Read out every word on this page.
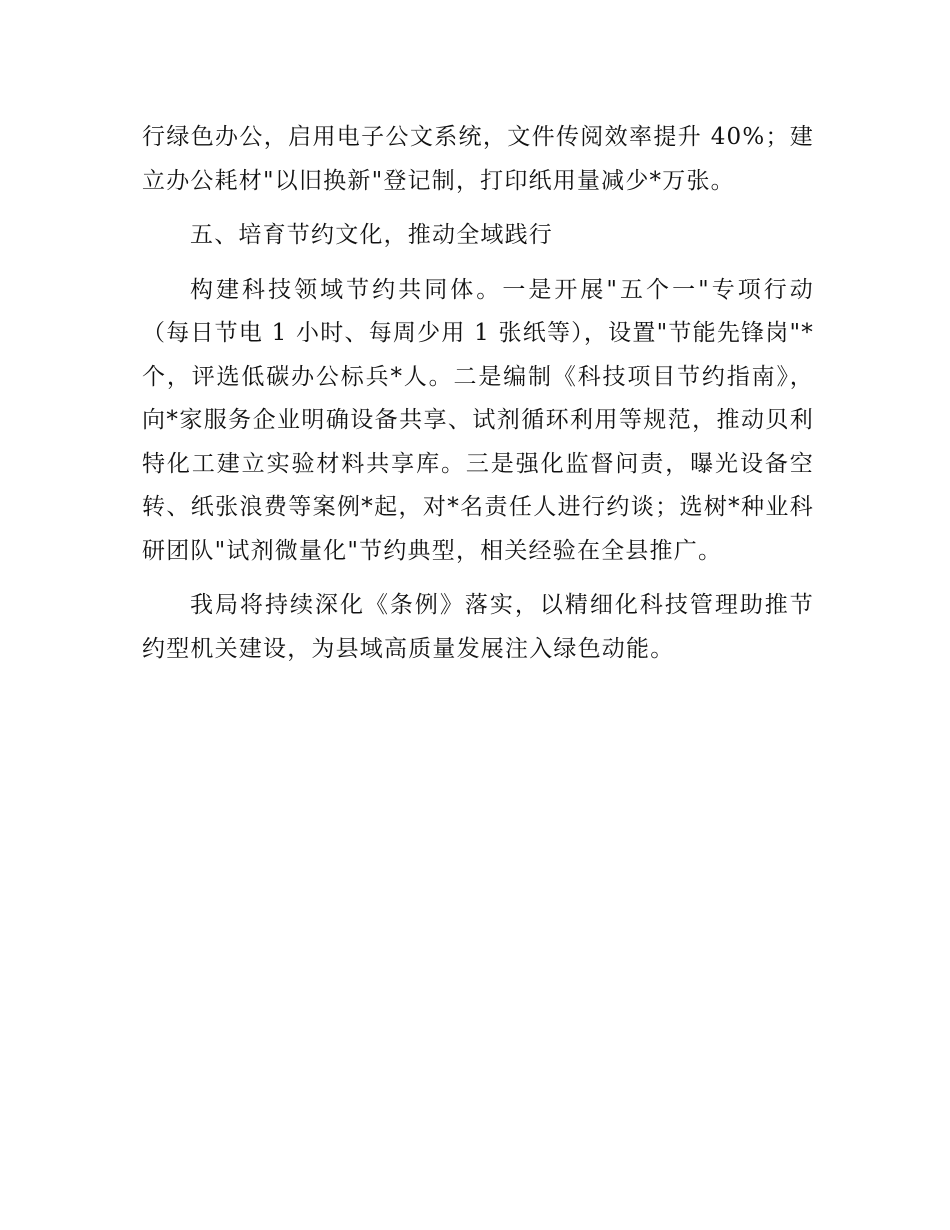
行绿色办公，启用电子公文系统，文件传阅效率提升 40%；建立办公耗材"以旧换新"登记制，打印纸用量减少*万张。

五、培育节约文化，推动全域践行

构建科技领域节约共同体。一是开展"五个一"专项行动（每日节电 1 小时、每周少用 1 张纸等），设置"节能先锋岗"*个，评选低碳办公标兵*人。二是编制《科技项目节约指南》，向*家服务企业明确设备共享、试剂循环利用等规范，推动贝利特化工建立实验材料共享库。三是强化监督问责，曝光设备空转、纸张浪费等案例*起，对*名责任人进行约谈；选树*种业科研团队"试剂微量化"节约典型，相关经验在全县推广。

我局将持续深化《条例》落实，以精细化科技管理助推节约型机关建设，为县域高质量发展注入绿色动能。
